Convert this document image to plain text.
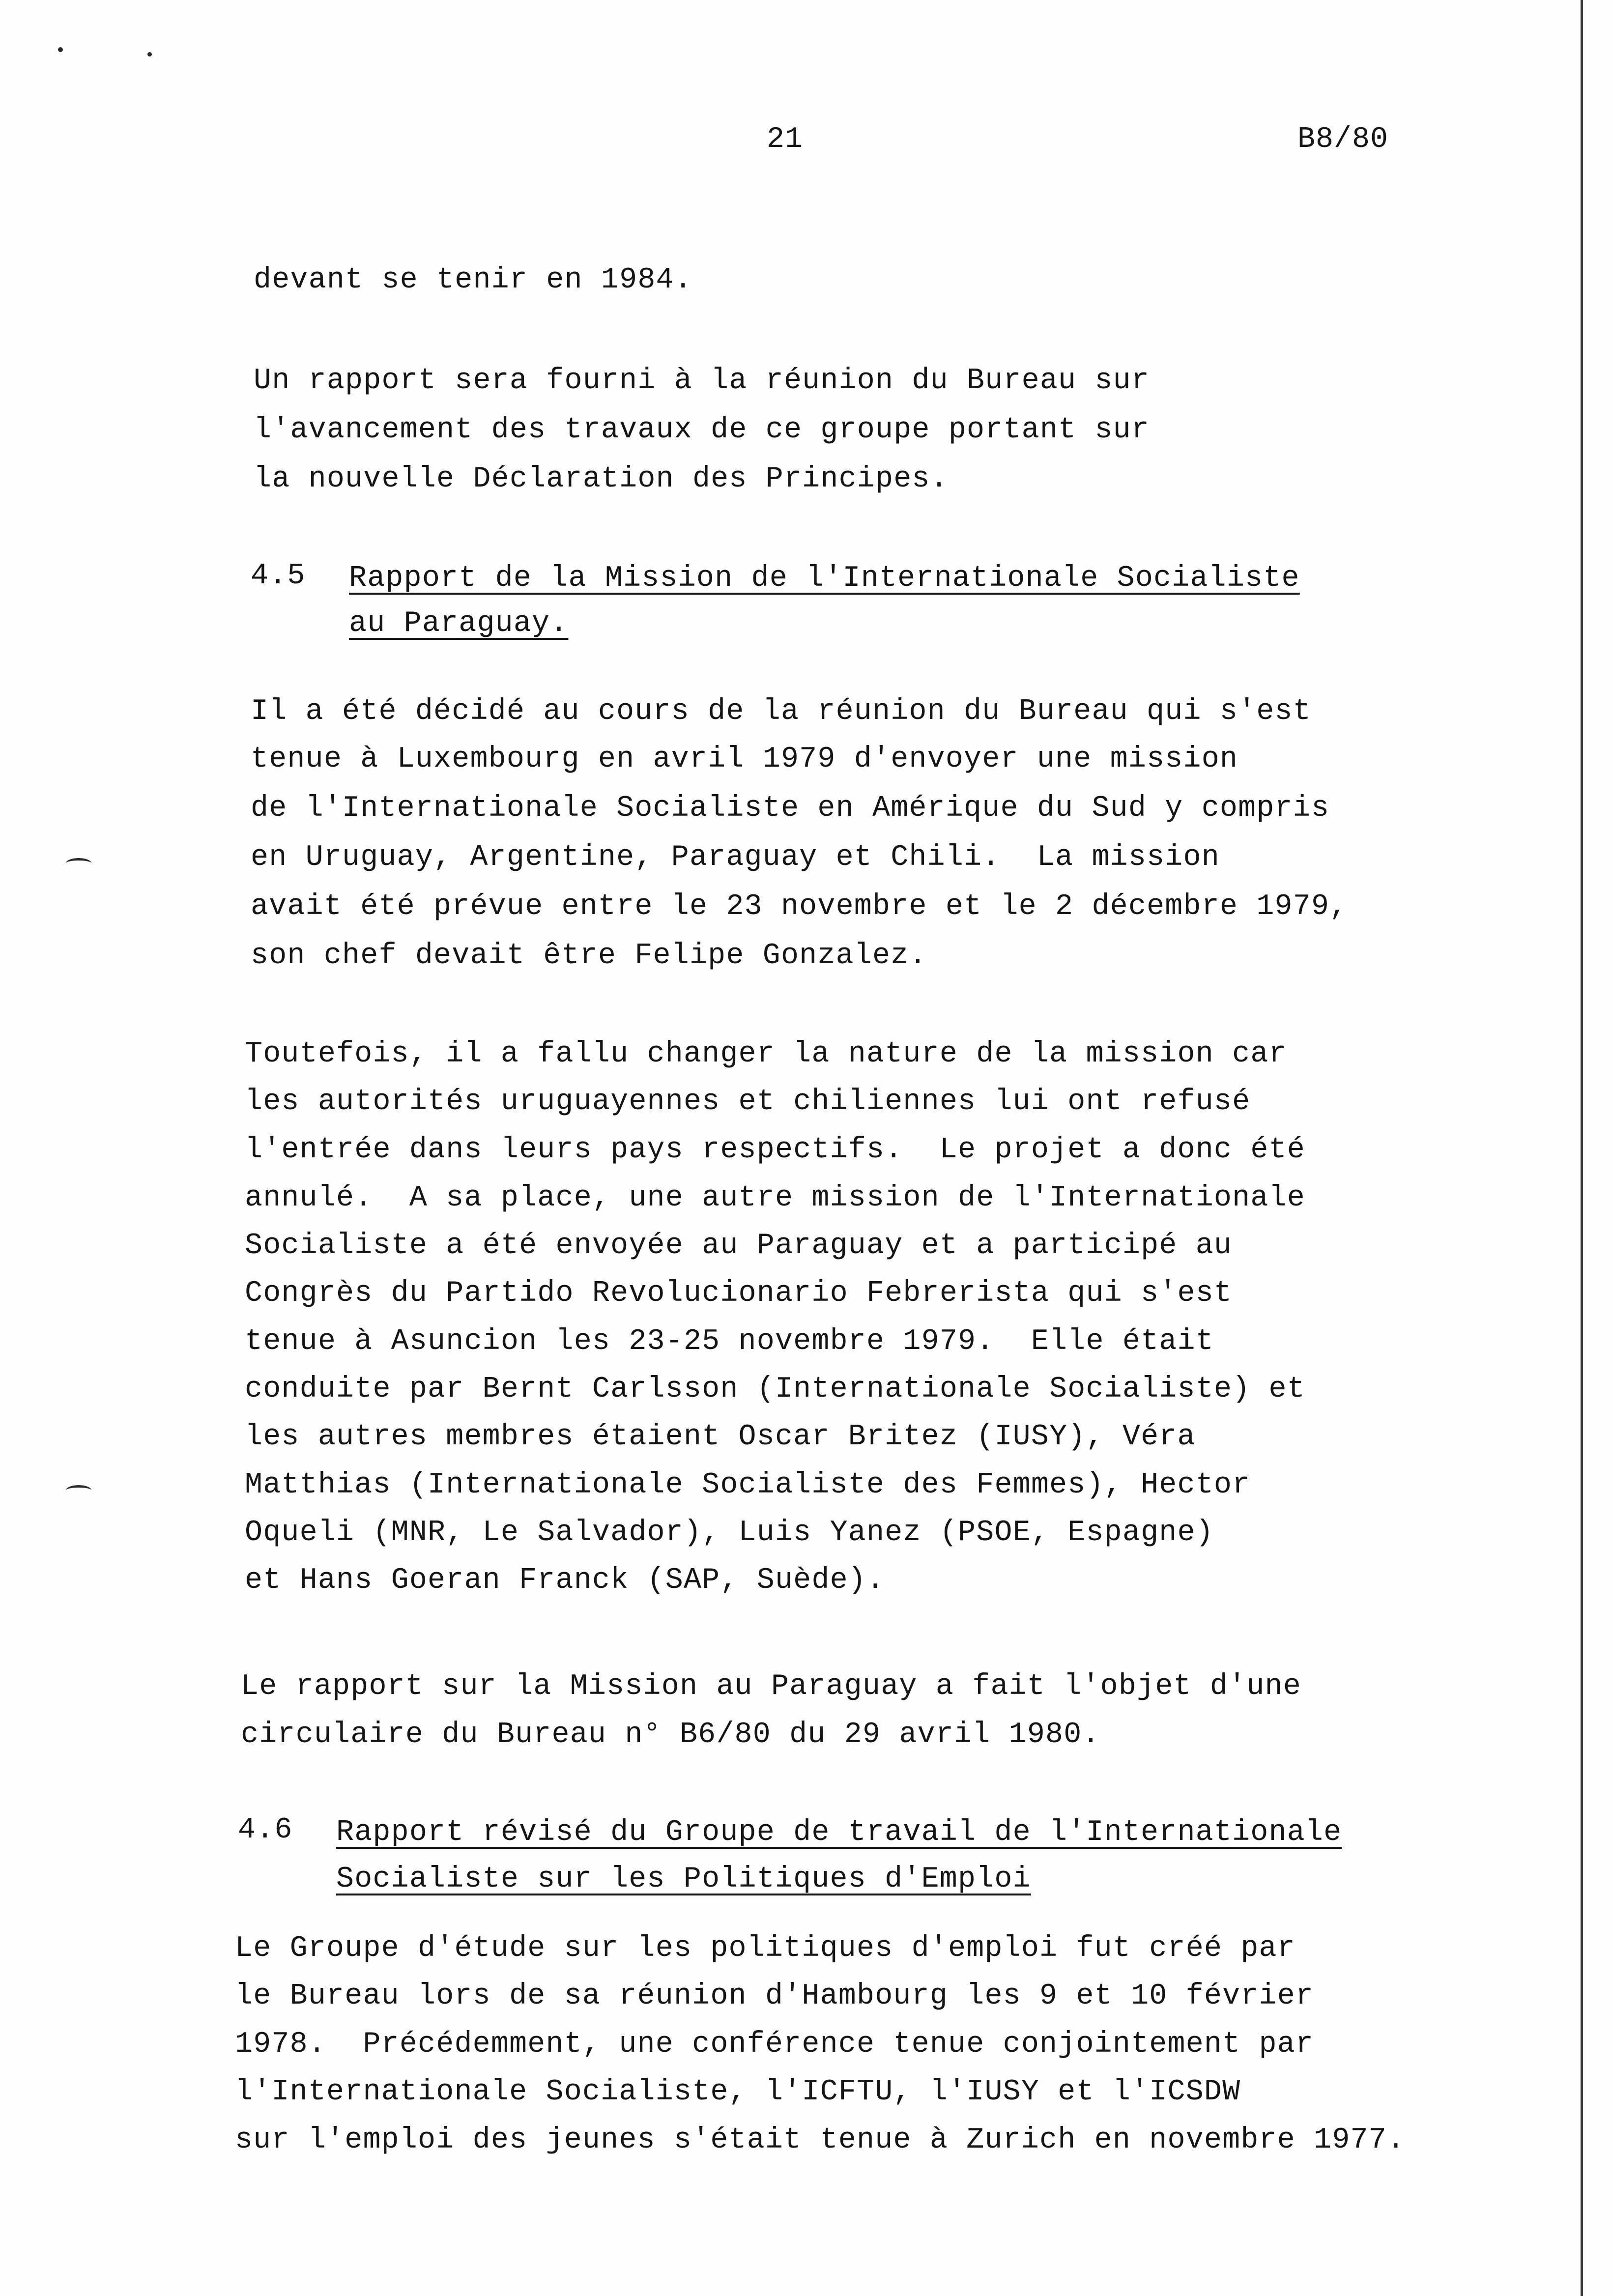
21	B8/80
devant se tenir en 1984.
Un rapport sera fourni à la réunion du Bureau sur
l'avancement des travaux de ce groupe portant sur
la nouvelle Déclaration des Principes.
4.5 Rapport de la Mission de l'Internationale Socialiste
au Paraguay.
Il a été décidé au cours de la réunion du Bureau qui s'est
tenue à Luxembourg en avril 1979 d'envoyer une mission
de l'Internationale Socialiste en Amérique du Sud y compris
en Uruguay, Argentine, Paraguay et Chili.  La mission
avait été prévue entre le 23 novembre et le 2 décembre 1979,
son chef devait être Felipe Gonzalez.
Toutefois, il a fallu changer la nature de la mission car
les autorités uruguayennes et chiliennes lui ont refusé
l'entrée dans leurs pays respectifs.  Le projet a donc été
annulé.  A sa place, une autre mission de l'Internationale
Socialiste a été envoyée au Paraguay et a participé au
Congrès du Partido Revolucionario Febrerista qui s'est
tenue à Asuncion les 23-25 novembre 1979.  Elle était
conduite par Bernt Carlsson (Internationale Socialiste) et
les autres membres étaient Oscar Britez (IUSY), Véra
Matthias (Internationale Socialiste des Femmes), Hector
Oqueli (MNR, Le Salvador), Luis Yanez (PSOE, Espagne)
et Hans Goeran Franck (SAP, Suède).
Le rapport sur la Mission au Paraguay a fait l'objet d'une
circulaire du Bureau n° B6/80 du 29 avril 1980.
4.6 Rapport révisé du Groupe de travail de l'Internationale
Socialiste sur les Politiques d'Emploi
Le Groupe d'étude sur les politiques d'emploi fut créé par
le Bureau lors de sa réunion d'Hambourg les 9 et 10 février
1978.  Précédemment, une conférence tenue conjointement par
l'Internationale Socialiste, l'ICFTU, l'IUSY et l'ICSDW
sur l'emploi des jeunes s'était tenue à Zurich en novembre 1977.
